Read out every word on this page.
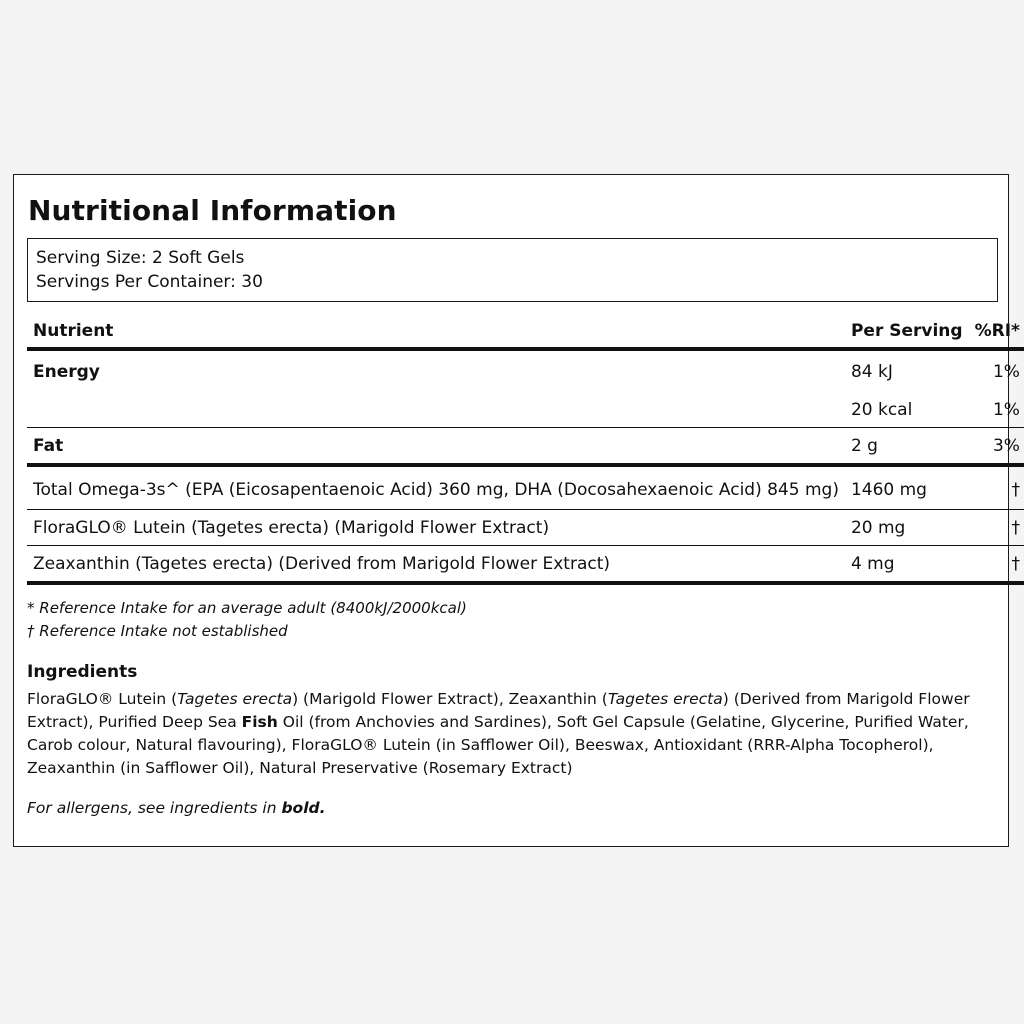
Nutritional Information
Serving Size: 2 Soft Gels
Servings Per Container: 30
Nutrient	Per Serving	%RI*
Energy	84 kJ	1%
	20 kcal	1%
Fat	2 g	3%
Total Omega-3s^ (EPA (Eicosapentaenoic Acid) 360 mg, DHA (Docosahexaenoic Acid) 845 mg)	1460 mg	†
FloraGLO® Lutein (Tagetes erecta) (Marigold Flower Extract)	20 mg	†
Zeaxanthin (Tagetes erecta) (Derived from Marigold Flower Extract)	4 mg	†
* Reference Intake for an average adult (8400kJ/2000kcal)
† Reference Intake not established
Ingredients
FloraGLO® Lutein (Tagetes erecta) (Marigold Flower Extract), Zeaxanthin (Tagetes erecta) (Derived from Marigold Flower Extract), Purified Deep Sea Fish Oil (from Anchovies and Sardines), Soft Gel Capsule (Gelatine, Glycerine, Purified Water, Carob colour, Natural flavouring), FloraGLO® Lutein (in Safflower Oil), Beeswax, Antioxidant (RRR-Alpha Tocopherol), Zeaxanthin (in Safflower Oil), Natural Preservative (Rosemary Extract)
For allergens, see ingredients in bold.
